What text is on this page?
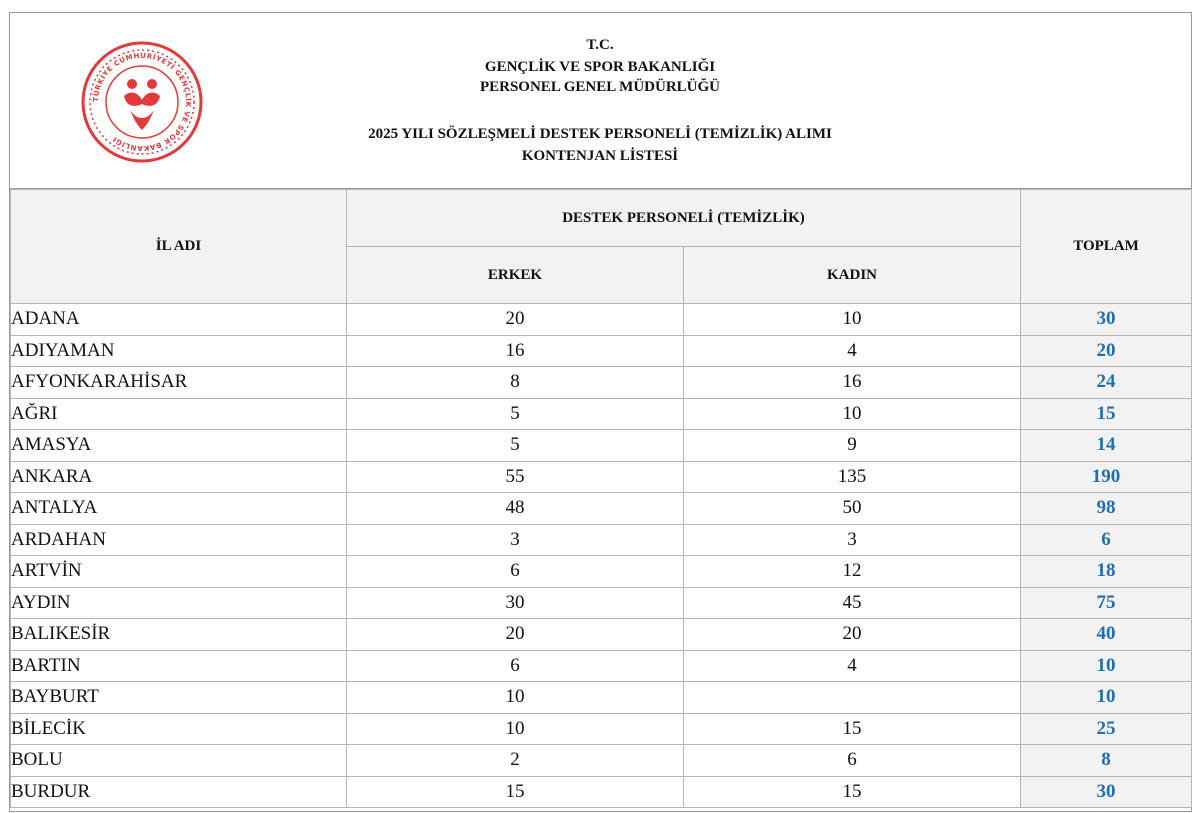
TÜRKİYE CUMHURİYETİ GENÇLİK VE SPOR BAKANLIĞI
T.C.
GENÇLİK VE SPOR BAKANLIĞI
PERSONEL GENEL MÜDÜRLÜĞÜ
2025 YILI SÖZLEŞMELİ DESTEK PERSONELİ (TEMİZLİK) ALIMI
KONTENJAN LİSTESİ
İL ADI	DESTEK PERSONELİ (TEMİZLİK)		TOPLAM
	ERKEK	KADIN	
ADANA	20	10	30
ADIYAMAN	16	4	20
AFYONKARAHİSAR	8	16	24
AĞRI	5	10	15
AMASYA	5	9	14
ANKARA	55	135	190
ANTALYA	48	50	98
ARDAHAN	3	3	6
ARTVİN	6	12	18
AYDIN	30	45	75
BALIKESİR	20	20	40
BARTIN	6	4	10
BAYBURT	10		10
BİLECİK	10	15	25
BOLU	2	6	8
BURDUR	15	15	30
